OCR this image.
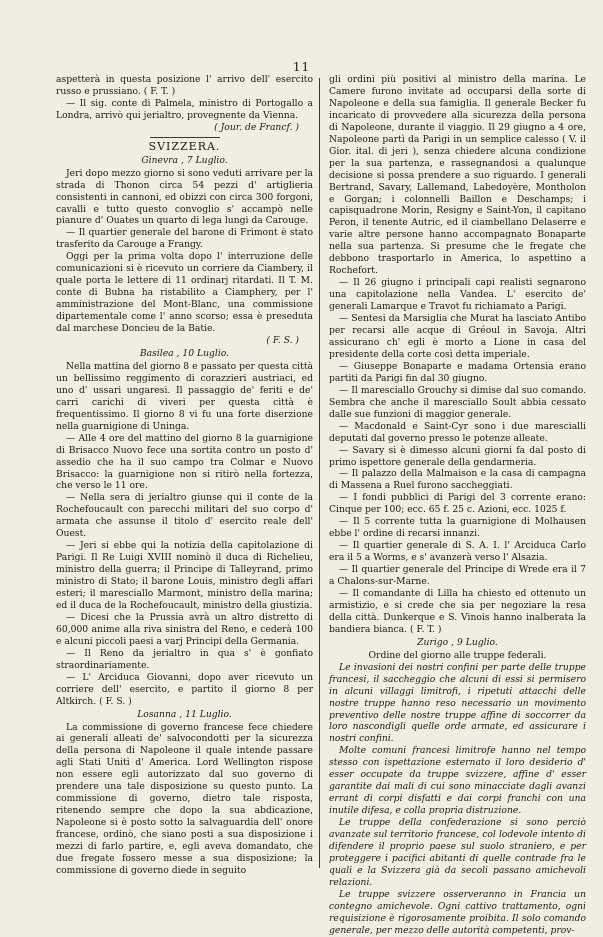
11

aspetterà in questa posizione l' arrivo dell' esercito russo e prussiano. ( F. T. )

— Il sig. conte di Palmela, ministro di Portogallo a Londra, arrivò qui jerialtro, provegnente da Vienna.

( Jour. de Francf. )

SVIZZERA.

Ginevra , 7 Luglio.

Jeri dopo mezzo giorno si sono veduti arrivare per la strada di Thonon circa 54 pezzi d' artiglieria consistenti in cannoni, ed obizzi con circa 300 forgoni, cavalli e tutto questo convoglio s' accampò nelle pianure d' Ouates un quarto di lega lungi da Carouge.

— Il quartier generale del barone di Frimont è stato trasferito da Carouge a Frangy.

Oggi per la prima volta dopo l' interruzione delle comunicazioni si è ricevuto un corriere da Ciambery, il quale porta le lettere di 11 ordinarj ritardati. Il T. M. conte di Bubna ha ristabilito a Ciamphery, per l' amministrazione del Mont-Blanc, una commissione dipartementale come l' anno scorso; essa è preseduta dal marchese Doncieu de la Batie.

( F. S. )

Basilea , 10 Luglio.

Nella mattina del giorno 8 e passato per questa città un bellissimo reggimento di corazzieri austriaci, ed uno d' ussari ungaresi. Il passaggio de' feriti e de' carri carichi di viveri per questa città è frequentissimo. Il giorno 8 vi fu una forte diserzione nella guarnigione di Uninga.

— Alle 4 ore del mattino del giorno 8 la guarnigione di Brisacco Nuovo fece una sortita contro un posto d' assedio che ha il suo campo tra Colmar e Nuovo Brisacco: la guarnigione non si ritirò nella fortezza, che verso le 11 ore.

— Nella sera di jerialtro giunse qui il conte de la Rochefoucault con parecchi militari del suo corpo d' armata che assunse il titolo d' esercito reale dell' Ouest.

— Jeri si ebbe qui la notizia della capitolazione di Parigi. Il Re Luigi XVIII nominò il duca di Richelieu, ministro della guerra; il Principe di Talleyrand, primo ministro di Stato; il barone Louis, ministro degli affari esteri; il maresciallo Marmont, ministro della marina; ed il duca de la Rochefoucault, ministro della giustizia.

— Dicesi che la Prussia avrà un altro distretto di 60,000 anime alla riva sinistra del Reno, e cederà 100 e alcuni piccoli paesi a varj Principi della Germania.

— Il Reno da jerialtro in qua s' è gonfiato straordinariamente.

— L' Arciduca Giovanni, dopo aver ricevuto un corriere dell' esercito, e partito il giorno 8 per Altkirch. ( F. S. )

Losanna , 11 Luglio.

La commissione di governo francese fece chiedere ai generali alleati de' salvocondotti per la sicurezza della persona di Napoleone il quale intende passare agli Stati Uniti d' America. Lord Wellington rispose non essere egli autorizzato dal suo governo di prendere una tale disposizione su questo punto. La commissione di governo, dietro tale risposta, ritenendo sempre che dopo la sua abdicazione, Napoleone si è posto sotto la salvaguardia dell' onore francese, ordinò, che siano posti a sua disposizione i mezzi di farlo partire, e, egli aveva domandato, che due fregate fossero messe a sua disposizione; la commissione di governo diede in seguito

gli ordini più positivi al ministro della marina. Le Camere furono invitate ad occuparsi della sorte di Napoleone e della sua famiglia. Il generale Becker fu incaricato di provvedere alla sicurezza della persona di Napoleone, durante il viaggio. Il 29 giugno a 4 ore, Napoleone partì da Parigi in un semplice calesso ( V. il Gior. ital. di jeri ), senza chiedere alcuna condizione per la sua partenza, e rassegnandosi a qualunque decisione si possa prendere a suo riguardo. I generali Bertrand, Savary, Lallemand, Labedoyère, Montholon e Gorgan; i colonnelli Baillon e Deschamps; i capisquadrone Morin, Resigny e Saint-Yon, il capitano Peron, il tenente Autric, ed il ciambellano Delaserre e varie altre persone hanno accompagnato Bonaparte nella sua partenza. Si presume che le fregate che debbono trasportarlo in America, lo aspettino a Rochefort.

— Il 26 giugno i principali capi realisti segnarono una capitolazione nella Vandea. L' esercito de' generali Lamarque e Travot fu richiamato a Parigi.

— Sentesi da Marsiglia che Murat ha lasciato Antibo per recarsi alle acque di Gréoul in Savoja. Altri assicurano ch' egli è morto a Lione in casa del presidente della corte così detta imperiale.

— Giuseppe Bonaparte e madama Ortensia erano partiti da Parigi fin dal 30 giugno.

— Il maresciallo Grouchy si dimise dal suo comando. Sembra che anche il maresciallo Soult abbia cessato dalle sue funzioni di maggior generale.

— Macdonald e Saint-Cyr sono i due marescialli deputati dal governo presso le potenze alleate.

— Savary si è dimesso alcuni giorni fa dal posto di primo ispettore generale della gendarmeria.

— Il palazzo della Malmaison e la casa di campagna di Massena a Ruel furono saccheggiati.

— I fondi pubblici di Parigi del 3 corrente erano: Cinque per 100; ecc. 65 f. 25 c. Azioni, ecc. 1025 f.

— Il 5 corrente tutta la guarnigione di Molhausen ebbe l' ordine di recarsi innanzi.

— Il quartier generale di S. A. I. l' Arciduca Carlo era il 5 a Worms, e s' avanzerà verso l' Alsazia.

— Il quartier generale del Principe di Wrede era il 7 a Chalons-sur-Marne.

— Il comandante di Lilla ha chiesto ed ottenuto un armistizio, e si crede che sia per negoziare la resa della città. Dunkerque e S. Vinois hanno inalberata la bandiera bianca. ( F. T. )

Zurigo , 9 Luglio.

Ordine del giorno alle truppe federali.

Le invasioni dei nostri confini per parte delle truppe francesi, il saccheggio che alcuni di essi si permisero in alcuni villaggi limitrofi, i ripetuti attacchi delle nostre truppe hanno reso necessario un movimento preventivo delle nostre truppe affine di soccorrer da loro nascondigli quelle orde armate, ed assicurare i nostri confini.

Molte comuni francesi limitrofe hanno nel tempo stesso con ispettazione esternato il loro desiderio d' esser occupate da truppe svizzere, affine d' esser garantite dai mali di cui sono minacciate dagli avanzi errant di corpi disfatti e dai corpi franchi con una inutile difesa, e colla propria distruzione.

Le truppe della confederazione si sono perciò avanzate sul territorio francese, col lodevole intento di difendere il proprio paese sul suolo straniero, e per proteggere i pacifici abitanti di quelle contrade fra le quali e la Svizzera già da secoli passano amichevoli relazioni.

Le truppe svizzere osserveranno in Francia un contegno amichevole. Ogni cattivo trattamento, ogni requisizione è rigorosamente proibita. Il solo comando generale, per mezzo delle autorità competenti, prov-
